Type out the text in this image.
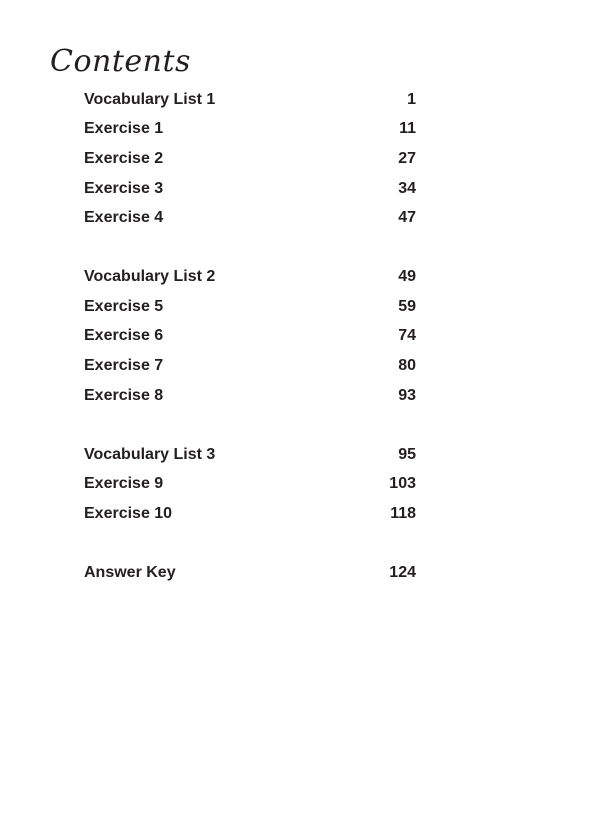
Contents
Vocabulary List 1	1
Exercise 1	11
Exercise 2	27
Exercise 3	34
Exercise 4	47
Vocabulary List 2	49
Exercise 5	59
Exercise 6	74
Exercise 7	80
Exercise 8	93
Vocabulary List 3	95
Exercise 9	103
Exercise 10	118
Answer Key	124
